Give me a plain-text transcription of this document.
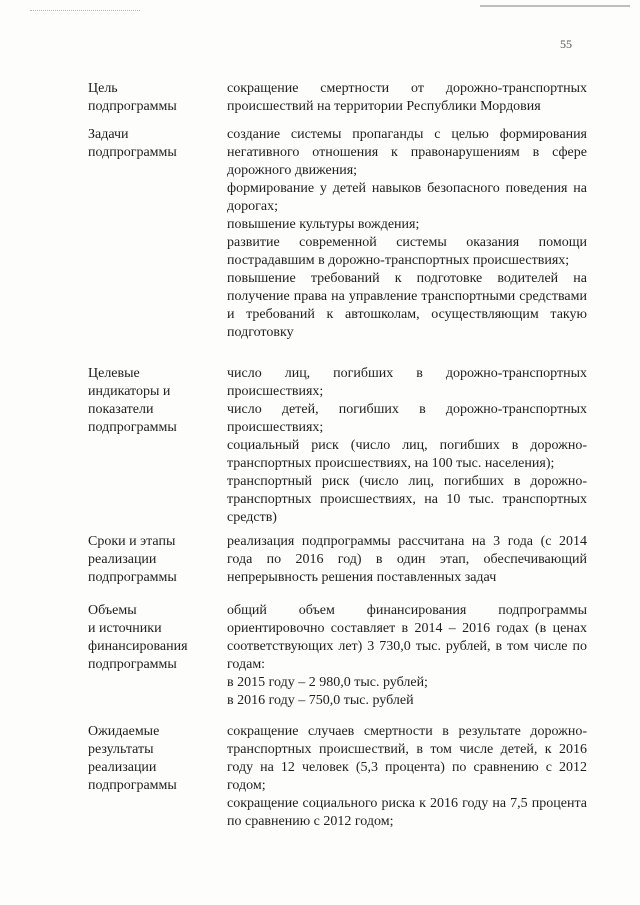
55
Цель
подпрограммы

сокращение смертности от дорожно-транспортных происшествий на территории Республики Мордовия

Задачи
подпрограммы

создание системы пропаганды с целью формирования негативного отношения к правонарушениям в сфере дорожного движения;

формирование у детей навыков безопасного поведения на дорогах;

повышение культуры вождения;

развитие современной системы оказания помощи пострадавшим в дорожно-транспортных происшествиях;

повышение требований к подготовке водителей на получение права на управление транспортными средствами и требований к автошколам, осуществляющим такую подготовку

Целевые
индикаторы и
показатели
подпрограммы

число лиц, погибших в дорожно-транспортных происшествиях;

число детей, погибших в дорожно-транспортных происшествиях;

социальный риск (число лиц, погибших в дорожно-транспортных происшествиях, на 100 тыс. населения);

транспортный риск (число лиц, погибших в дорожно-транспортных происшествиях, на 10 тыс. транспортных средств)

Сроки и этапы
реализации
подпрограммы

реализация подпрограммы рассчитана на 3 года (с 2014 года по 2016 год) в один этап, обеспечивающий непрерывность решения поставленных задач

Объемы
и источники
финансирования
подпрограммы

общий объем финансирования подпрограммы ориентировочно составляет в 2014 – 2016 годах (в ценах соответствующих лет) 3 730,0 тыс. рублей, в том числе по годам:

в 2015 году – 2 980,0 тыс. рублей;

в 2016 году – 750,0 тыс. рублей

Ожидаемые
результаты
реализации
подпрограммы

сокращение случаев смертности в результате дорожно-транспортных происшествий, в том числе детей, к 2016 году на 12 человек (5,3 процента) по сравнению с 2012 годом;

сокращение социального риска к 2016 году на 7,5 процента по сравнению с 2012 годом;
